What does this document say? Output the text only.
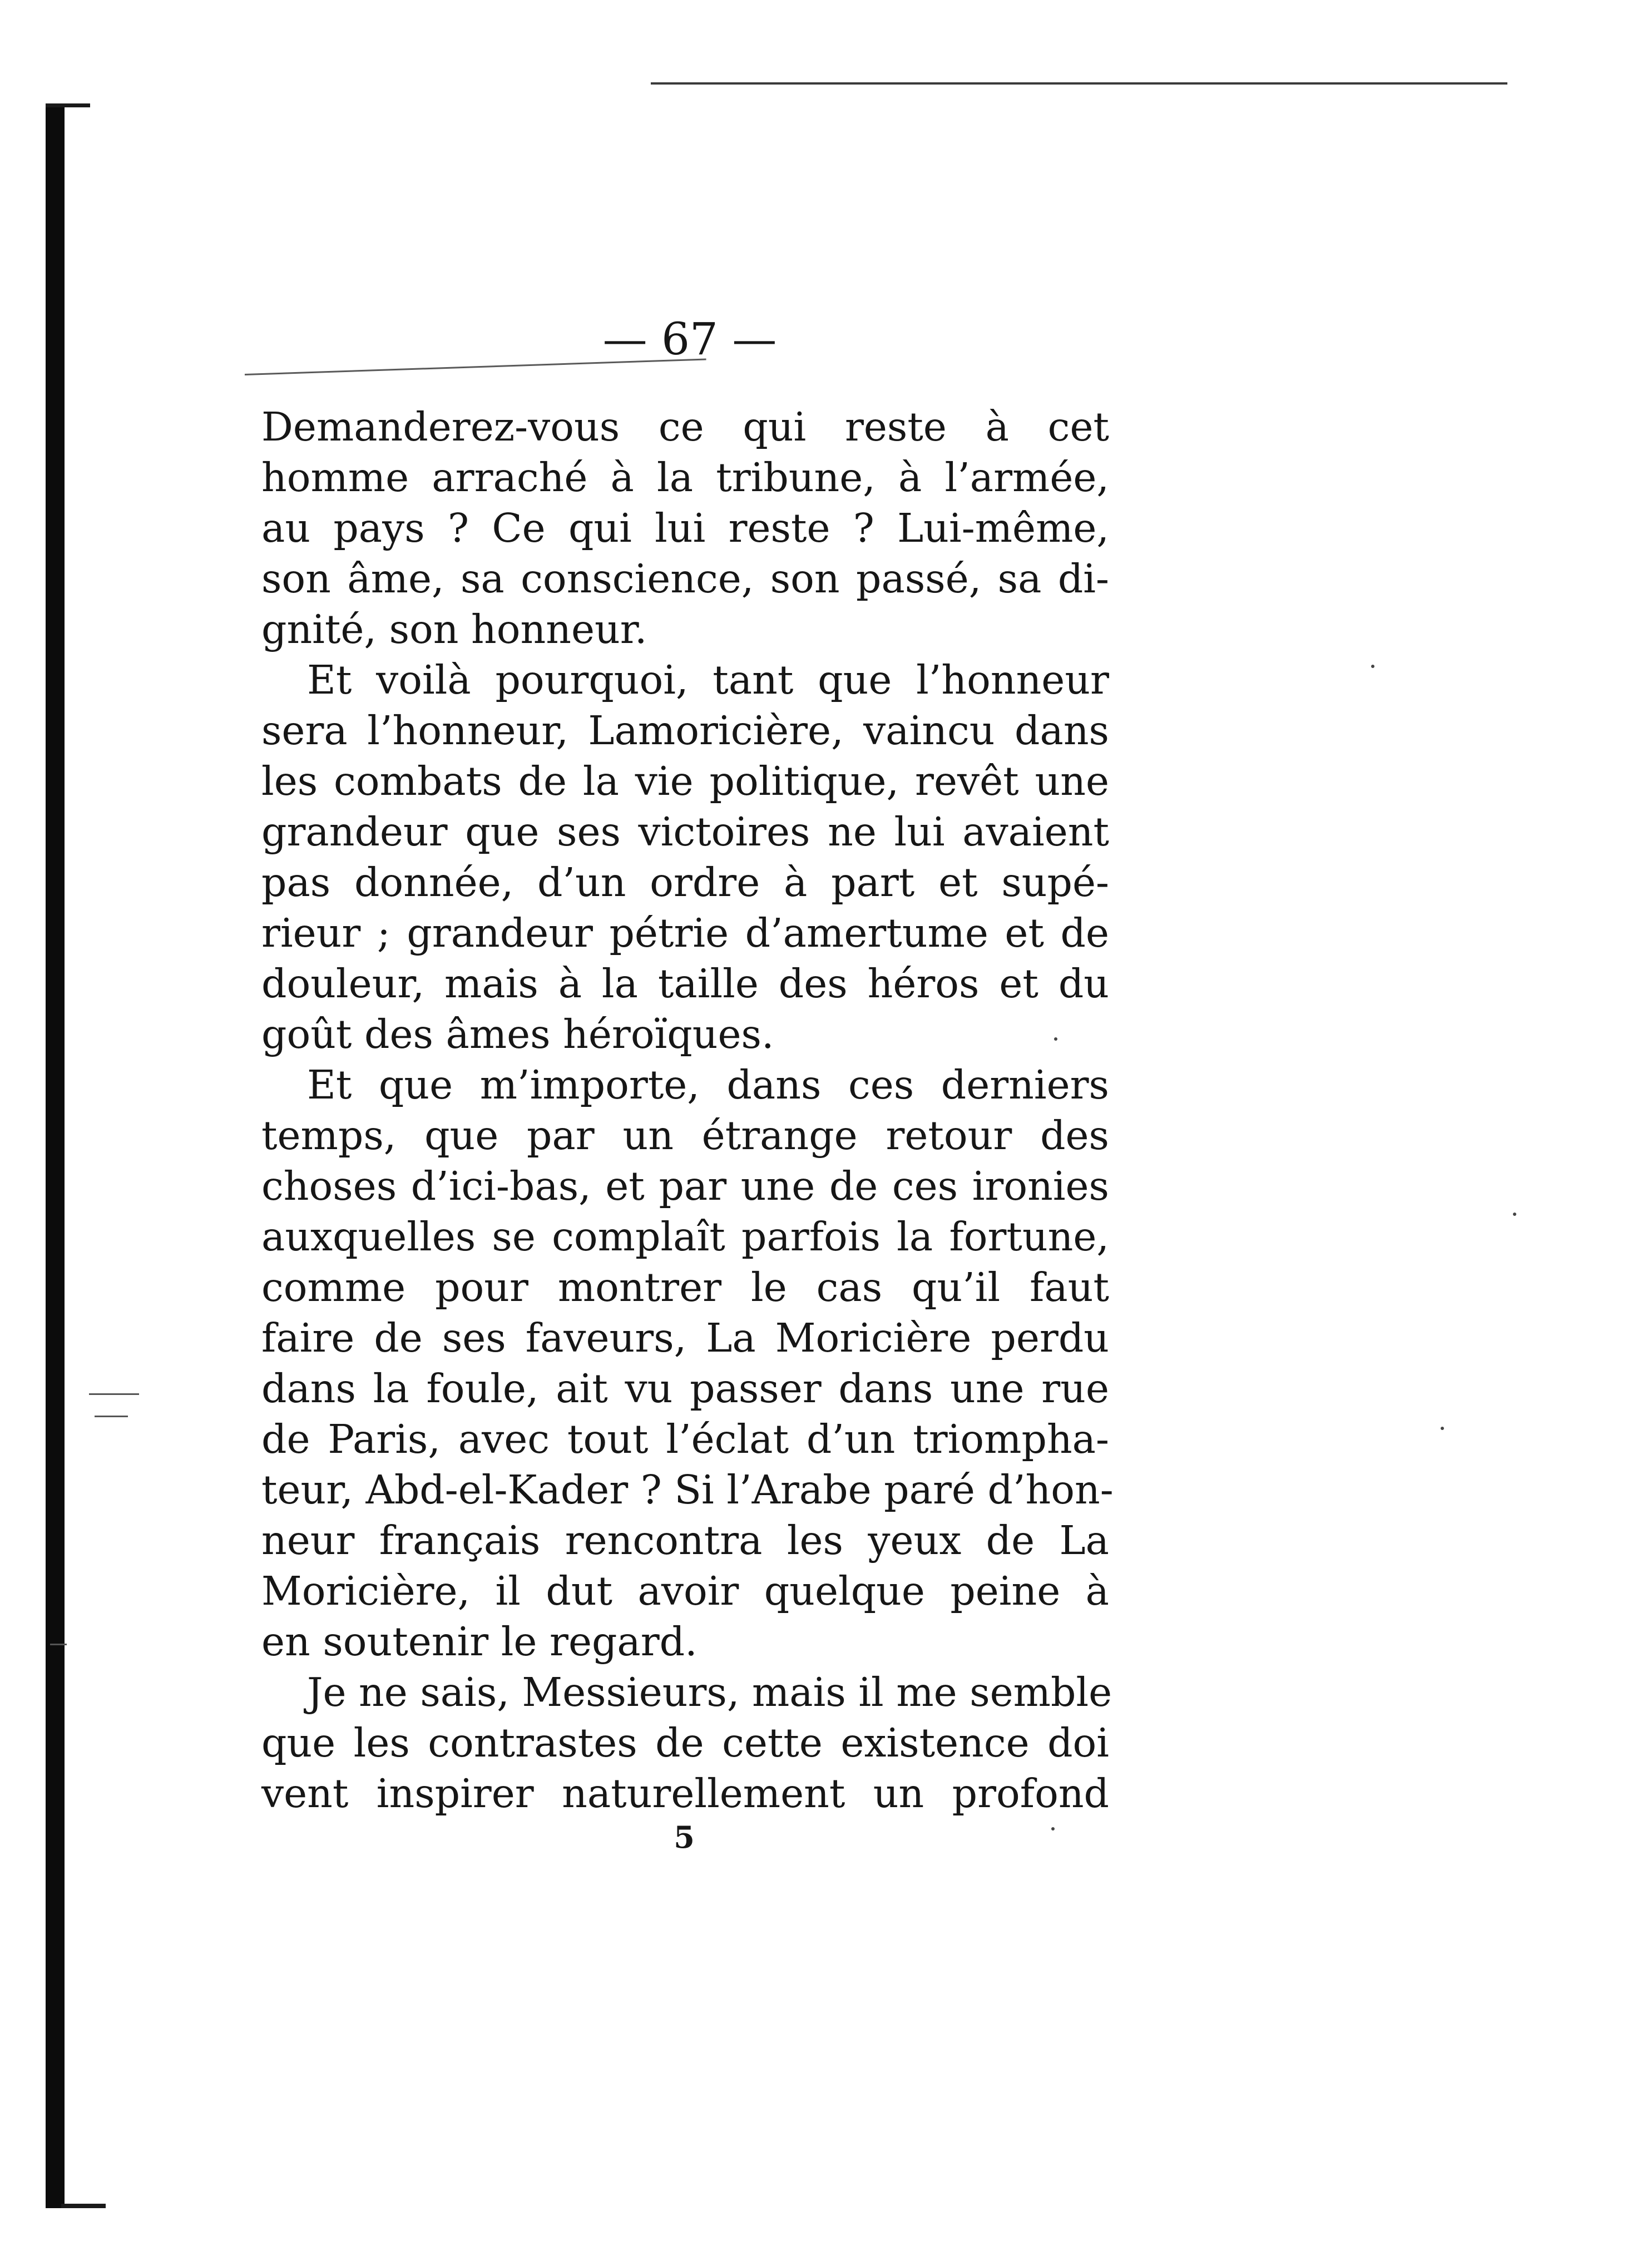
— 67 —
Demanderez-vous ce qui reste à cet
homme arraché à la tribune, à l’armée,
au pays ? Ce qui lui reste ? Lui-même,
son âme, sa conscience, son passé, sa di-
gnité, son honneur.
Et voilà pourquoi, tant que l’honneur
sera l’honneur, Lamoricière, vaincu dans
les combats de la vie politique, revêt une
grandeur que ses victoires ne lui avaient
pas donnée, d’un ordre à part et supé-
rieur ; grandeur pétrie d’amertume et de
douleur, mais à la taille des héros et du
goût des âmes héroïques.
Et que m’importe, dans ces derniers
temps, que par un étrange retour des
choses d’ici-bas, et par une de ces ironies
auxquelles se complaît parfois la fortune,
comme pour montrer le cas qu’il faut
faire de ses faveurs, La Moricière perdu
dans la foule, ait vu passer dans une rue
de Paris, avec tout l’éclat d’un triompha-
teur, Abd-el-Kader ? Si l’Arabe paré d’hon-
neur français rencontra les yeux de La
Moricière, il dut avoir quelque peine à
en soutenir le regard.
Je ne sais, Messieurs, mais il me semble
que les contrastes de cette existence doi
vent inspirer naturellement un profond
5
